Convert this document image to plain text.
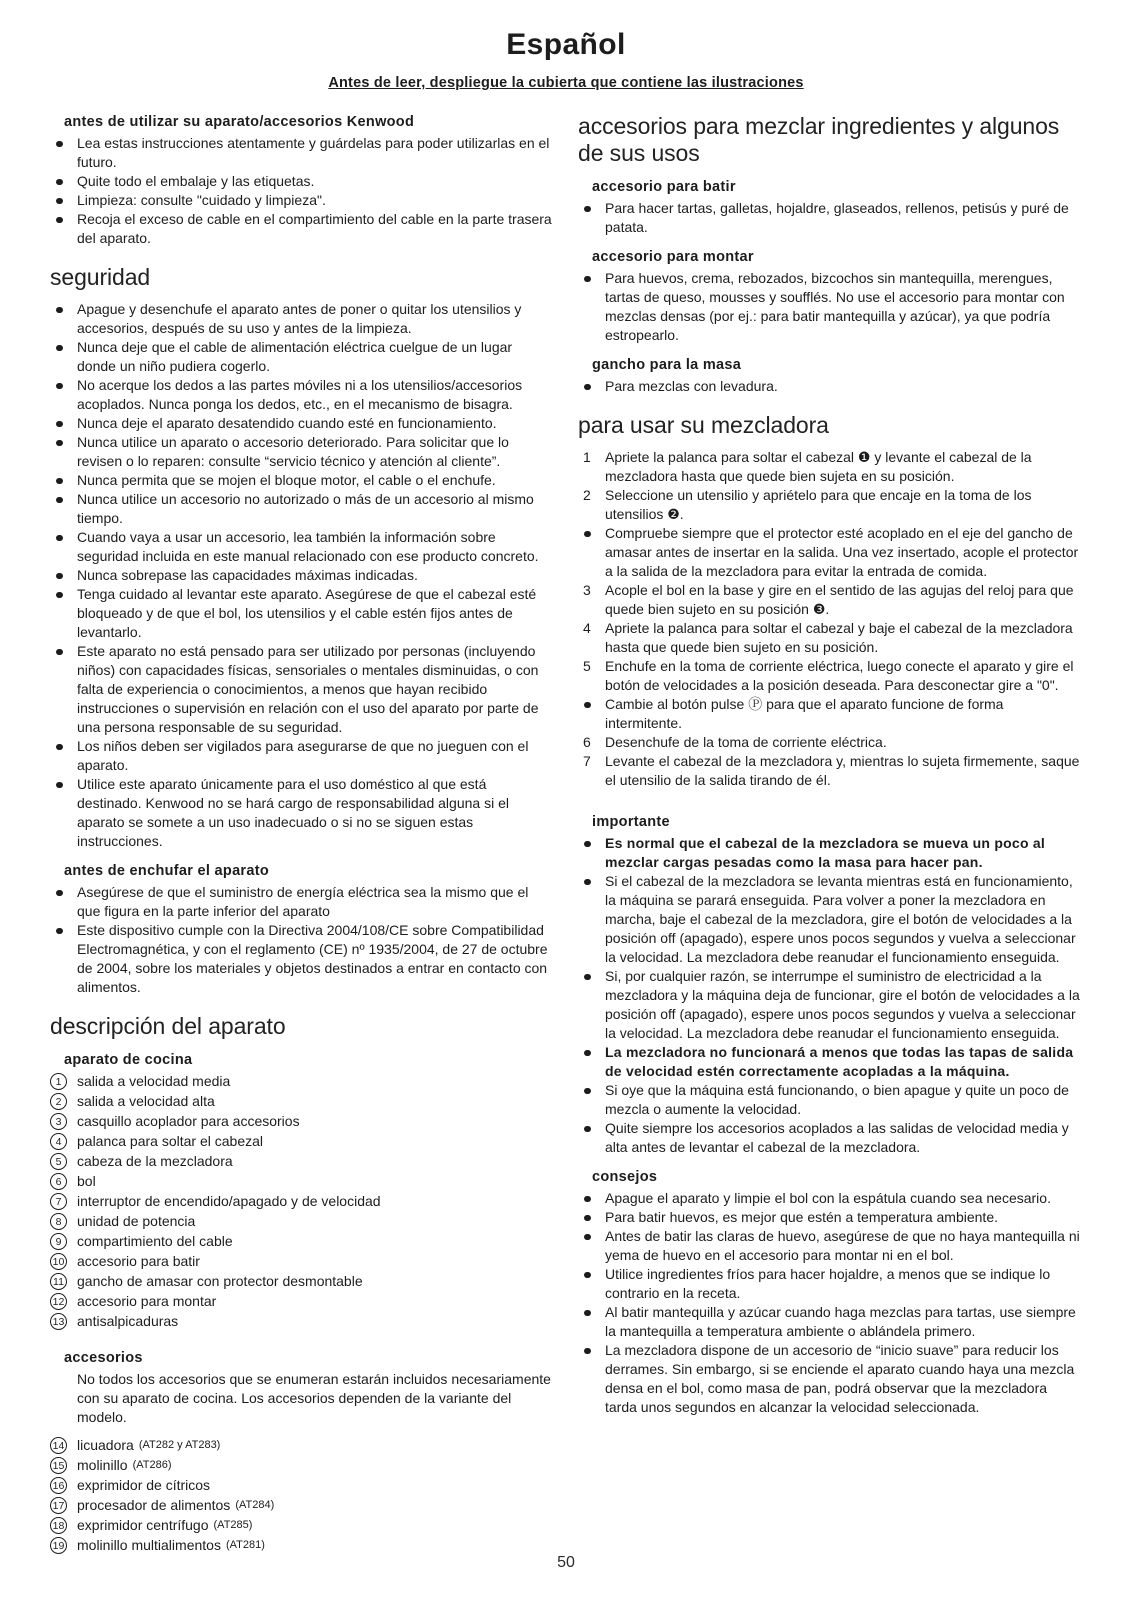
Español
Antes de leer, despliegue la cubierta que contiene las ilustraciones
antes de utilizar su aparato/accesorios Kenwood
Lea estas instrucciones atentamente y guárdelas para poder utilizarlas en el futuro.
Quite todo el embalaje y las etiquetas.
Limpieza: consulte "cuidado y limpieza".
Recoja el exceso de cable en el compartimiento del cable en la parte trasera del aparato.
seguridad
Apague y desenchufe el aparato antes de poner o quitar los utensilios y accesorios, después de su uso y antes de la limpieza.
Nunca deje que el cable de alimentación eléctrica cuelgue de un lugar donde un niño pudiera cogerlo.
No acerque los dedos a las partes móviles ni a los utensilios/accesorios acoplados. Nunca ponga los dedos, etc., en el mecanismo de bisagra.
Nunca deje el aparato desatendido cuando esté en funcionamiento.
Nunca utilice un aparato o accesorio deteriorado. Para solicitar que lo revisen o lo reparen: consulte “servicio técnico y atención al cliente”.
Nunca permita que se mojen el bloque motor, el cable o el enchufe.
Nunca utilice un accesorio no autorizado o más de un accesorio al mismo tiempo.
Cuando vaya a usar un accesorio, lea también la información sobre seguridad incluida en este manual relacionado con ese producto concreto.
Nunca sobrepase las capacidades máximas indicadas.
Tenga cuidado al levantar este aparato. Asegúrese de que el cabezal esté bloqueado y de que el bol, los utensilios y el cable estén fijos antes de levantarlo.
Este aparato no está pensado para ser utilizado por personas (incluyendo niños) con capacidades físicas, sensoriales o mentales disminuidas, o con falta de experiencia o conocimientos, a menos que hayan recibido instrucciones o supervisión en relación con el uso del aparato por parte de una persona responsable de su seguridad.
Los niños deben ser vigilados para asegurarse de que no jueguen con el aparato.
Utilice este aparato únicamente para el uso doméstico al que está destinado. Kenwood no se hará cargo de responsabilidad alguna si el aparato se somete a un uso inadecuado o si no se siguen estas instrucciones.
antes de enchufar el aparato
Asegúrese de que el suministro de energía eléctrica sea la mismo que el que figura en la parte inferior del aparato
Este dispositivo cumple con la Directiva 2004/108/CE sobre Compatibilidad Electromagnética, y con el reglamento (CE) nº 1935/2004, de 27 de octubre de 2004, sobre los materiales y objetos destinados a entrar en contacto con alimentos.
descripción del aparato
aparato de cocina
1	salida a velocidad media
2	salida a velocidad alta
3	casquillo acoplador para accesorios
4	palanca para soltar el cabezal
5	cabeza de la mezcladora
6	bol
7	interruptor de encendido/apagado y de velocidad
8	unidad de potencia
9	compartimiento del cable
10 accesorio para batir
11 gancho de amasar con protector desmontable
12 accesorio para montar
13 antisalpicaduras
accesorios

No todos los accesorios que se enumeran estarán incluidos necesariamente con su aparato de cocina. Los accesorios dependen de la variante del modelo.

14 licuadora (AT282 y AT283)
15 molinillo (AT286)
16 exprimidor de cítricos
17 procesador de alimentos (AT284)
18 exprimidor centrífugo (AT285)
19 molinillo multialimentos (AT281)
accesorios para mezclar ingredientes y algunos de sus usos
accesorio para batir
Para hacer tartas, galletas, hojaldre, glaseados, rellenos, petisús y puré de patata.
accesorio para montar
Para huevos, crema, rebozados, bizcochos sin mantequilla, merengues, tartas de queso, mousses y soufflés. No use el accesorio para montar con mezclas densas (por ej.: para batir mantequilla y azúcar), ya que podría estropearlo.
gancho para la masa
Para mezclas con levadura.
para usar su mezcladora
1	Apriete la palanca para soltar el cabezal ❶ y levante el cabezal de la mezcladora hasta que quede bien sujeta en su posición.
2	Seleccione un utensilio y apriételo para que encaje en la toma de los utensilios ❷.
Compruebe siempre que el protector esté acoplado en el eje del gancho de amasar antes de insertar en la salida. Una vez insertado, acople el protector a la salida de la mezcladora para evitar la entrada de comida.
3	Acople el bol en la base y gire en el sentido de las agujas del reloj para que quede bien sujeto en su posición ❸.
4	Apriete la palanca para soltar el cabezal y baje el cabezal de la mezcladora hasta que quede bien sujeto en su posición.
5	Enchufe en la toma de corriente eléctrica, luego conecte el aparato y gire el botón de velocidades a la posición deseada. Para desconectar gire a "0".
Cambie al botón pulse Ⓟ para que el aparato funcione de forma intermitente.
6	Desenchufe de la toma de corriente eléctrica.
7	Levante el cabezal de la mezcladora y, mientras lo sujeta firmemente, saque el utensilio de la salida tirando de él.
importante
Es normal que el cabezal de la mezcladora se mueva un poco al mezclar cargas pesadas como la masa para hacer pan.
Si el cabezal de la mezcladora se levanta mientras está en funcionamiento, la máquina se parará enseguida. Para volver a poner la mezcladora en marcha, baje el cabezal de la mezcladora, gire el botón de velocidades a la posición off (apagado), espere unos pocos segundos y vuelva a seleccionar la velocidad. La mezcladora debe reanudar el funcionamiento enseguida.
Si, por cualquier razón, se interrumpe el suministro de electricidad a la mezcladora y la máquina deja de funcionar, gire el botón de velocidades a la posición off (apagado), espere unos pocos segundos y vuelva a seleccionar la velocidad. La mezcladora debe reanudar el funcionamiento enseguida.
La mezcladora no funcionará a menos que todas las tapas de salida de velocidad estén correctamente acopladas a la máquina.
Si oye que la máquina está funcionando, o bien apague y quite un poco de mezcla o aumente la velocidad.
Quite siempre los accesorios acoplados a las salidas de velocidad media y alta antes de levantar el cabezal de la mezcladora.
consejos
Apague el aparato y limpie el bol con la espátula cuando sea necesario.
Para batir huevos, es mejor que estén a temperatura ambiente.
Antes de batir las claras de huevo, asegúrese de que no haya mantequilla ni yema de huevo en el accesorio para montar ni en el bol.
Utilice ingredientes fríos para hacer hojaldre, a menos que se indique lo contrario en la receta.
Al batir mantequilla y azúcar cuando haga mezclas para tartas, use siempre la mantequilla a temperatura ambiente o ablándela primero.
La mezcladora dispone de un accesorio de “inicio suave” para reducir los derrames. Sin embargo, si se enciende el aparato cuando haya una mezcla densa en el bol, como masa de pan, podrá observar que la mezcladora tarda unos segundos en alcanzar la velocidad seleccionada.
50
